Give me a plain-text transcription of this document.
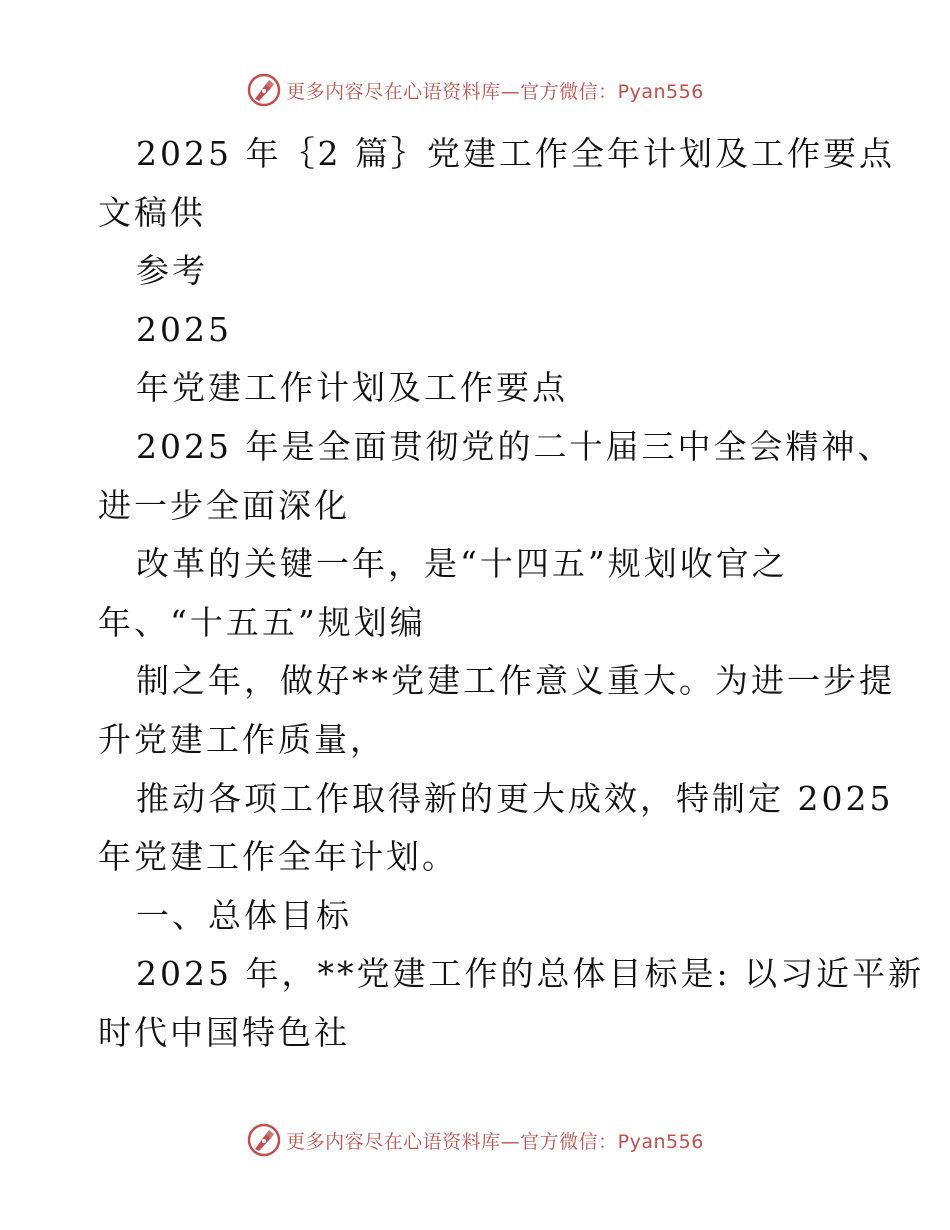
更多内容尽在心语资料库—官方微信：Pyan556

2025 年｛2 篇｝党建工作全年计划及工作要点

文稿供

参考

2025

年党建工作计划及工作要点

2025 年是全面贯彻党的二十届三中全会精神、

进一步全面深化

改革的关键一年，是“十四五”规划收官之

年、“十五五”规划编

制之年，做好**党建工作意义重大。为进一步提

升党建工作质量，

推动各项工作取得新的更大成效，特制定 2025

年党建工作全年计划。

一、总体目标

2025 年，**党建工作的总体目标是: 以习近平新

时代中国特色社

更多内容尽在心语资料库—官方微信：Pyan556
